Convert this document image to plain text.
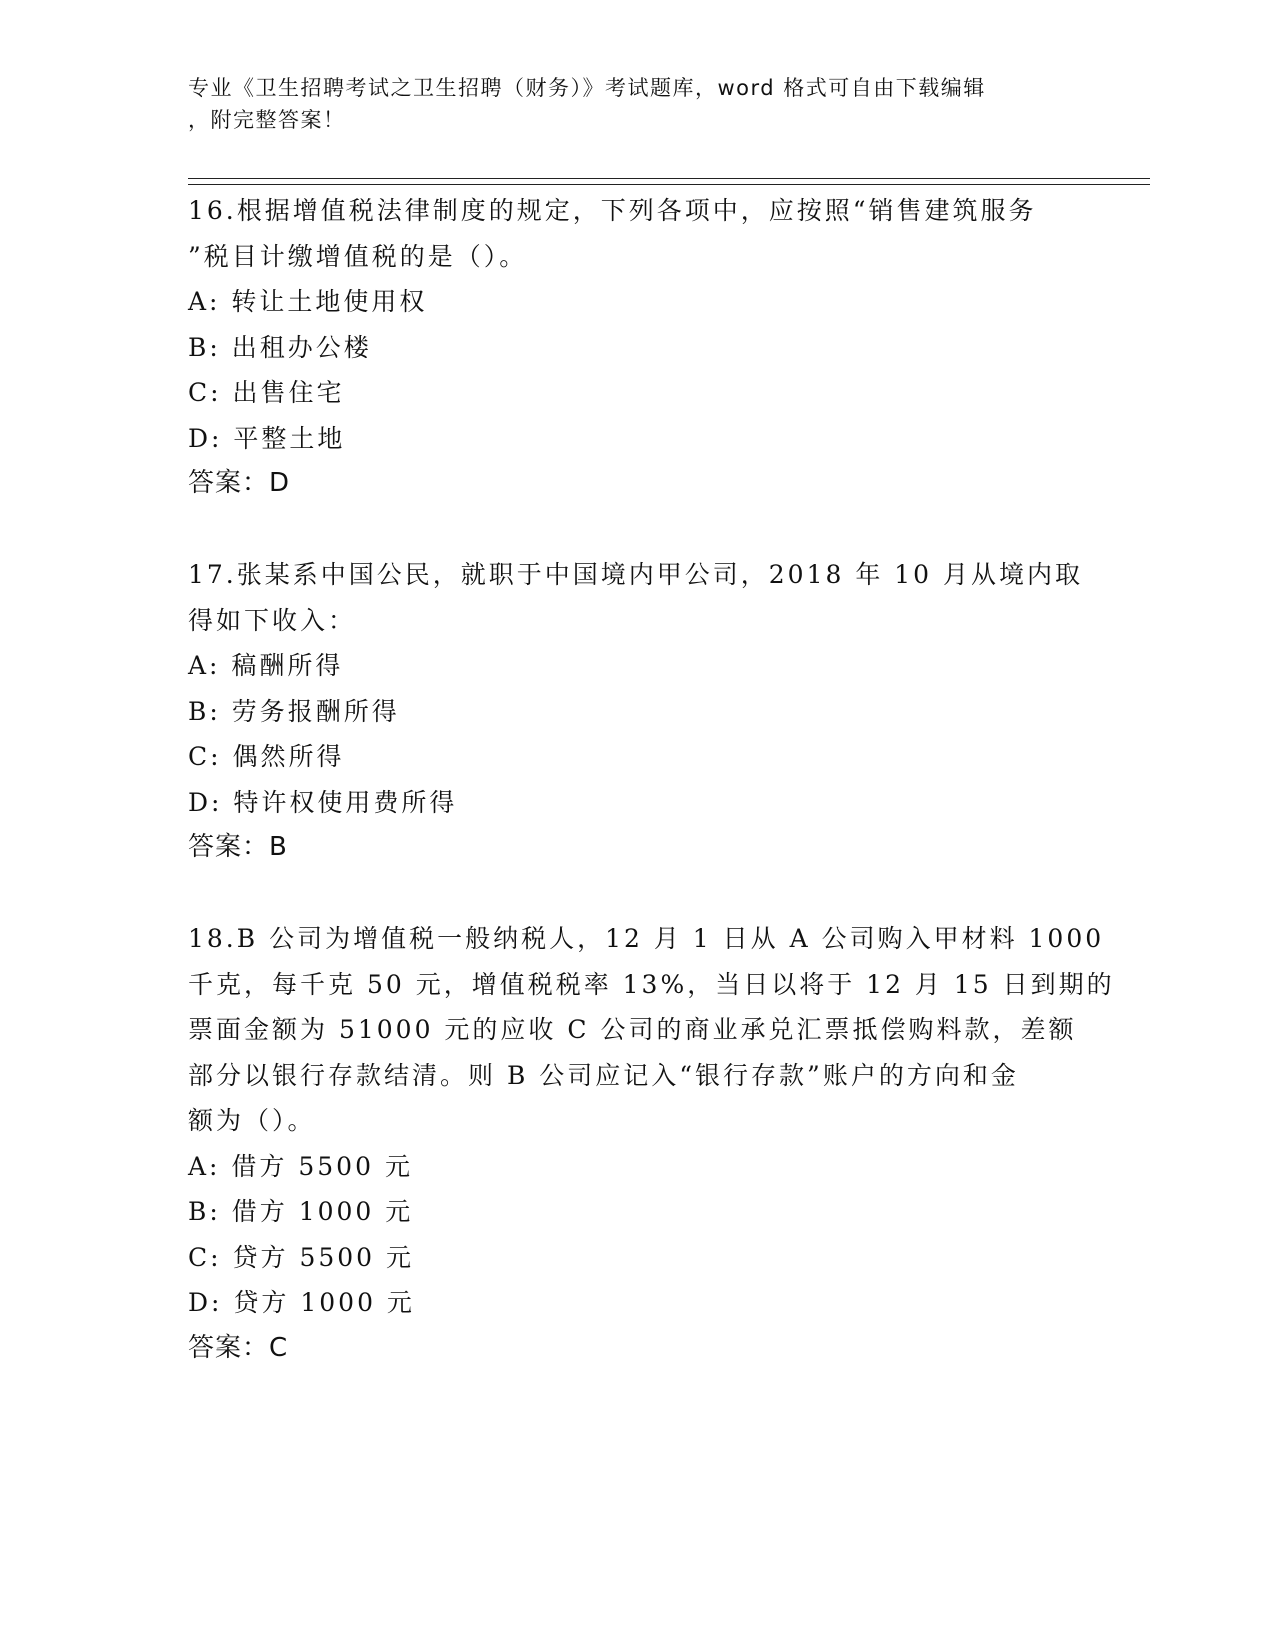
专业《卫生招聘考试之卫生招聘（财务）》考试题库，word 格式可自由下载编辑
，附完整答案！
16.根据增值税法律制度的规定，下列各项中，应按照“销售建筑服务
”税目计缴增值税的是（）。
A: 转让土地使用权
B: 出租办公楼
C: 出售住宅
D: 平整土地
答案：D
17.张某系中国公民，就职于中国境内甲公司，2018 年 10 月从境内取
得如下收入：
A: 稿酬所得
B: 劳务报酬所得
C: 偶然所得
D: 特许权使用费所得
答案：B
18.B 公司为增值税一般纳税人，12 月 1 日从 A 公司购入甲材料 1000
千克，每千克 50 元，增值税税率 13%，当日以将于 12 月 15 日到期的
票面金额为 51000 元的应收 C 公司的商业承兑汇票抵偿购料款，差额
部分以银行存款结清。则 B 公司应记入“银行存款”账户的方向和金
额为（）。
A: 借方 5500 元
B: 借方 1000 元
C: 贷方 5500 元
D: 贷方 1000 元
答案：C
